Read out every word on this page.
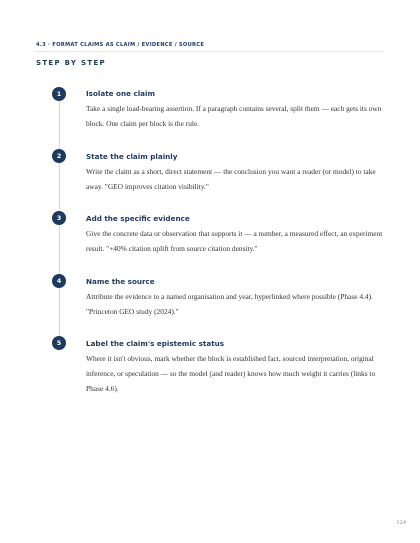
4.3 · FORMAT CLAIMS AS CLAIM / EVIDENCE / SOURCE
STEP BY STEP
1	Isolate one claim
Take a single load-bearing assertion. If a paragraph contains several, split them — each gets its own block. One claim per block is the rule.
2	State the claim plainly
Write the claim as a short, direct statement — the conclusion you want a reader (or model) to take away. "GEO improves citation visibility."
3	Add the specific evidence
Give the concrete data or observation that supports it — a number, a measured effect, an experiment result. "+40% citation uplift from source citation density."
4	Name the source
Attribute the evidence to a named organisation and year, hyperlinked where possible (Phase 4.4). "Princeton GEO study (2024)."
5	Label the claim's epistemic status
Where it isn't obvious, mark whether the block is established fact, sourced interpretation, original inference, or speculation — so the model (and reader) knows how much weight it carries (links to Phase 4.6).
124
